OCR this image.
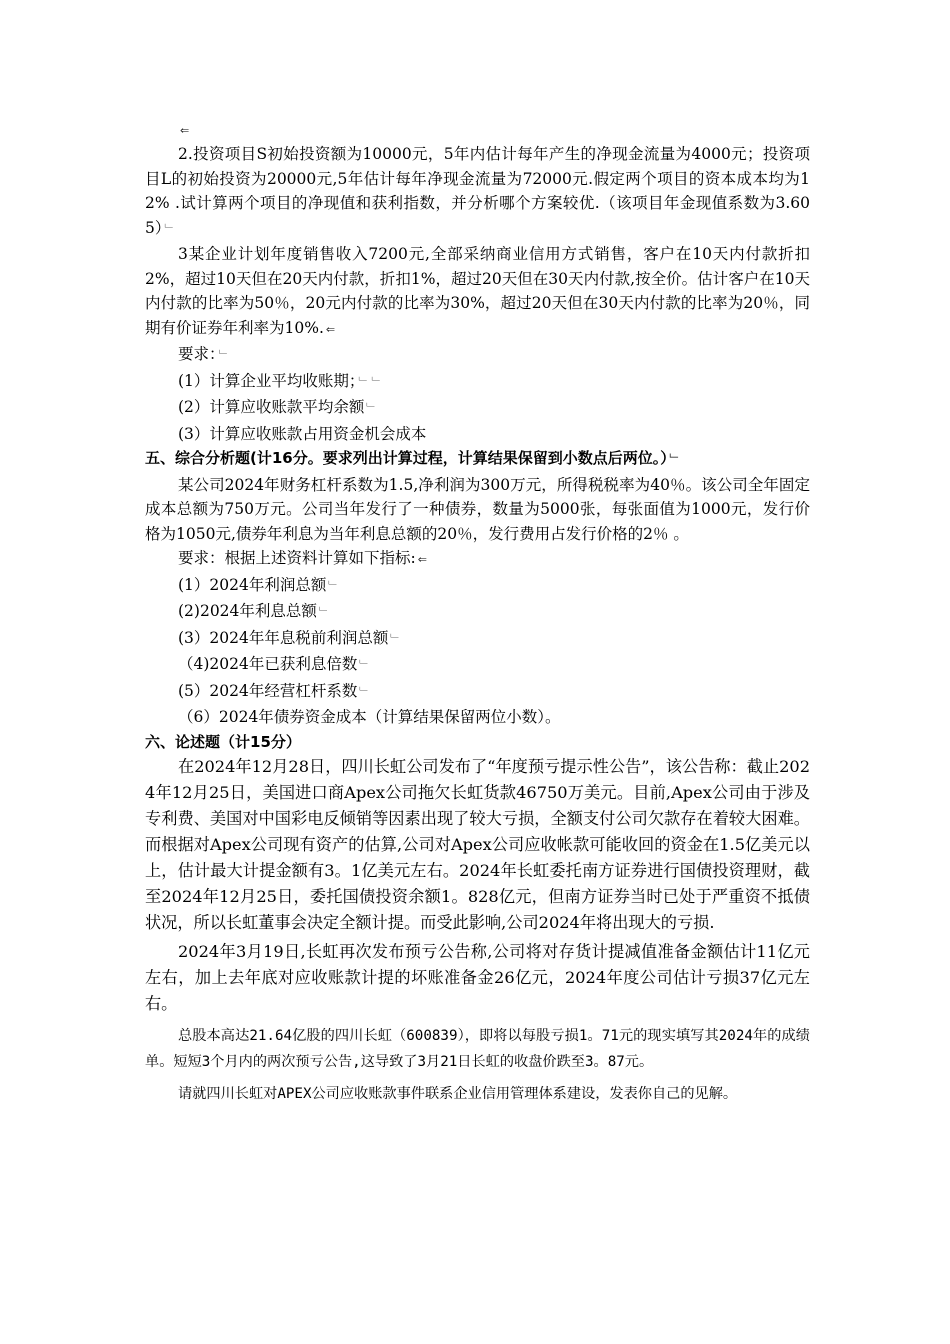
⇐

2.投资项目S初始投资额为10000元，5年内估计每年产生的净现金流量为4000元；投资项目L的初始投资为20000元,5年估计每年净现金流量为72000元.假定两个项目的资本成本均为12% .试计算两个项目的净现值和获利指数，并分析哪个方案较优.（该项目年金现值系数为3.605） ﹂

3某企业计划年度销售收入7200元,全部采纳商业信用方式销售，客户在10天内付款折扣2%，超过10天但在20天内付款，折扣1%，超过20天但在30天内付款,按全价。估计客户在10天内付款的比率为50％，20元内付款的比率为30%，超过20天但在30天内付款的比率为20％，同期有价证券年利率为10%. ⇐

要求： ﹂

(1）计算企业平均收账期； ﹂ ﹂

(2）计算应收账款平均余额 ﹂

(3）计算应收账款占用资金机会成本

五、综合分析题(计16分。要求列出计算过程，计算结果保留到小数点后两位。） ﹂

某公司2024年财务杠杆系数为1.5,净利润为300万元，所得税税率为40％。该公司全年固定成本总额为750万元。公司当年发行了一种债券，数量为5000张，每张面值为1000元，发行价格为1050元,债券年利息为当年利息总额的20％，发行费用占发行价格的2％ 。

要求：根据上述资料计算如下指标: ⇐

(1）2024年利润总额 ﹂

(2)2024年利息总额 ﹂

(3）2024年年息税前利润总额 ﹂

（4)2024年已获利息倍数 ﹂

(5）2024年经营杠杆系数 ﹂

（6）2024年债券资金成本（计算结果保留两位小数）。

六、论述题（计15分）

在2024年12月28日，四川长虹公司发布了“年度预亏提示性公告”，该公告称：截止2024年12月25日，美国进口商Apex公司拖欠长虹货款46750万美元。目前,Apex公司由于涉及专利费、美国对中国彩电反倾销等因素出现了较大亏损，全额支付公司欠款存在着较大困难。而根据对Apex公司现有资产的估算,公司对Apex公司应收帐款可能收回的资金在1.5亿美元以上，估计最大计提金额有3。1亿美元左右。2024年长虹委托南方证券进行国债投资理财，截至2024年12月25日，委托国债投资余额1。828亿元，但南方证券当时已处于严重资不抵债状况，所以长虹董事会决定全额计提。而受此影响,公司2024年将出现大的亏损.

2024年3月19日,长虹再次发布预亏公告称,公司将对存货计提减值准备金额估计11亿元左右，加上去年底对应收账款计提的坏账准备金26亿元，2024年度公司估计亏损37亿元左右。

总股本高达21.64亿股的四川长虹（600839），即将以每股亏损1。71元的现实填写其2024年的成绩单。短短3个月内的两次预亏公告,这导致了3月21日长虹的收盘价跌至3。87元。

请就四川长虹对APEX公司应收账款事件联系企业信用管理体系建设，发表你自己的见解。
